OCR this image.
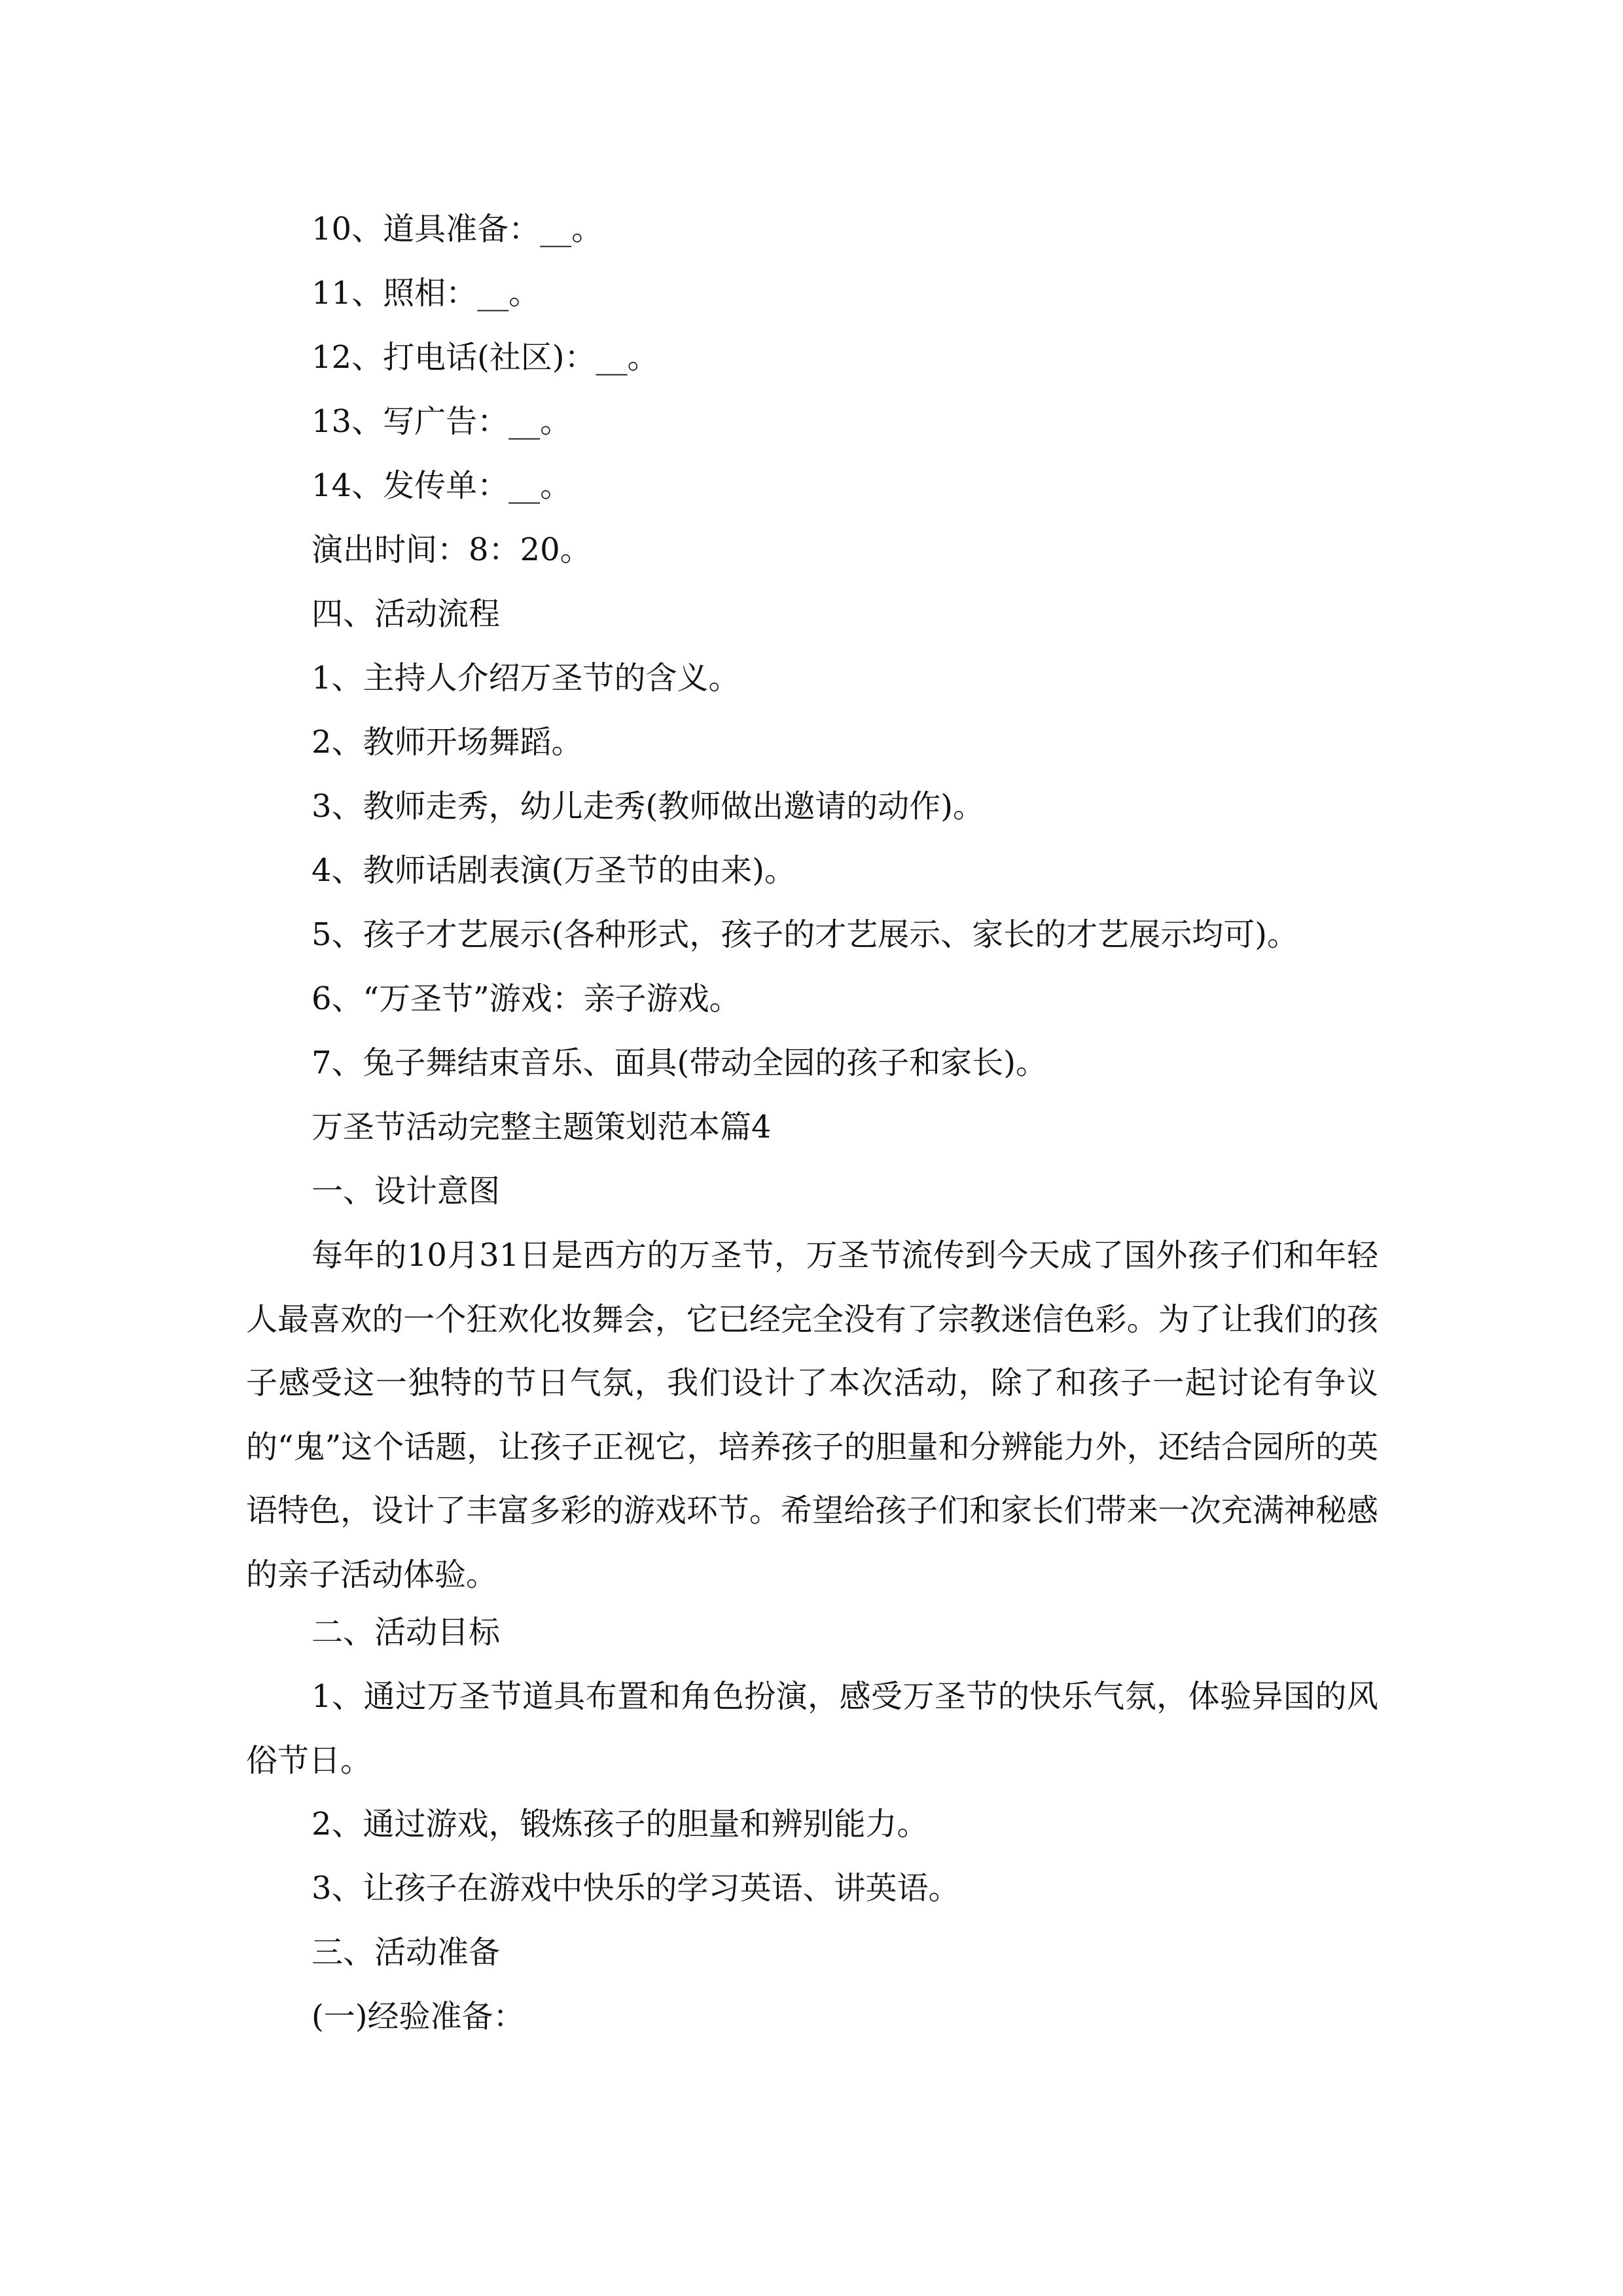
10、道具准备：__。
11、照相：__。
12、打电话(社区)：__。
13、写广告：__。
14、发传单：__。
演出时间：8：20。
四、活动流程
1、主持人介绍万圣节的含义。
2、教师开场舞蹈。
3、教师走秀，幼儿走秀(教师做出邀请的动作)。
4、教师话剧表演(万圣节的由来)。
5、孩子才艺展示(各种形式，孩子的才艺展示、家长的才艺展示均可)。
6、“万圣节”游戏：亲子游戏。
7、兔子舞结束音乐、面具(带动全园的孩子和家长)。
万圣节活动完整主题策划范本篇4
一、设计意图
每年的10月31日是西方的万圣节，万圣节流传到今天成了国外孩子们和年轻人最喜欢的一个狂欢化妆舞会，它已经完全没有了宗教迷信色彩。为了让我们的孩子感受这一独特的节日气氛，我们设计了本次活动，除了和孩子一起讨论有争议的“鬼”这个话题，让孩子正视它，培养孩子的胆量和分辨能力外，还结合园所的英语特色，设计了丰富多彩的游戏环节。希望给孩子们和家长们带来一次充满神秘感的亲子活动体验。
二、活动目标
1、通过万圣节道具布置和角色扮演，感受万圣节的快乐气氛，体验异国的风俗节日。
2、通过游戏，锻炼孩子的胆量和辨别能力。
3、让孩子在游戏中快乐的学习英语、讲英语。
三、活动准备
(一)经验准备：
